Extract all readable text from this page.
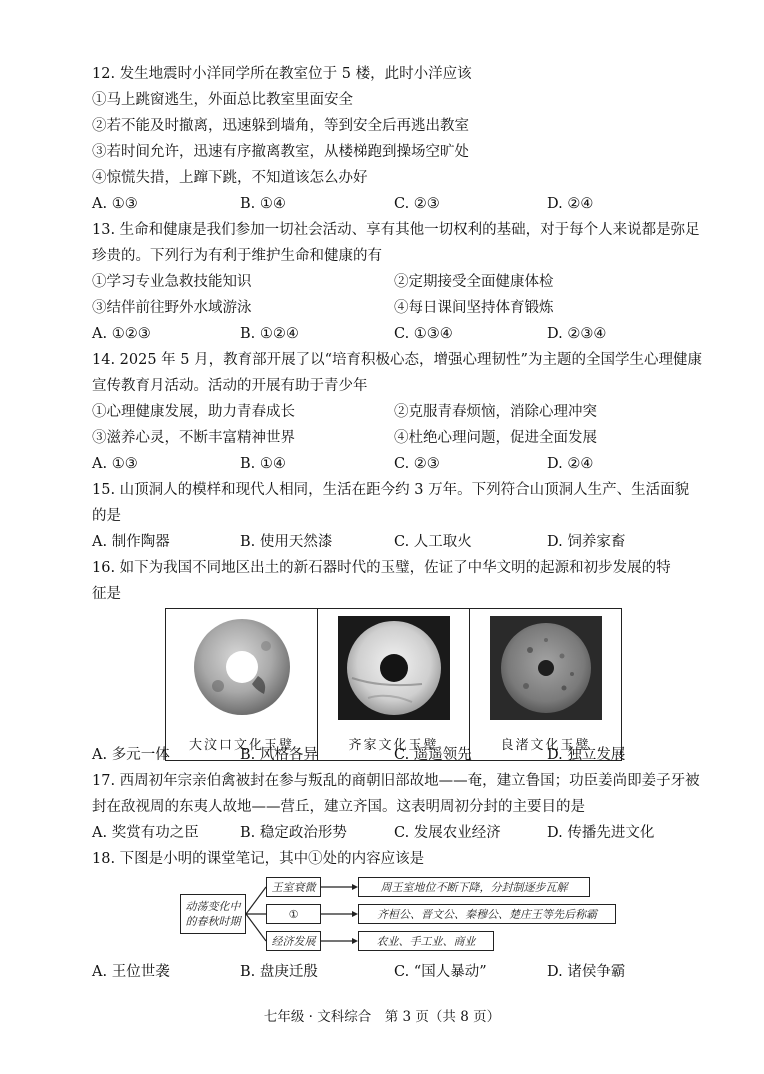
12. 发生地震时小洋同学所在教室位于 5 楼，此时小洋应该
①马上跳窗逃生，外面总比教室里面安全
②若不能及时撤离，迅速躲到墙角，等到安全后再逃出教室
③若时间允许，迅速有序撤离教室，从楼梯跑到操场空旷处
④惊慌失措，上蹿下跳，不知道该怎么办好
A. ①③	B. ①④	C. ②③	D. ②④
13. 生命和健康是我们参加一切社会活动、享有其他一切权利的基础，对于每个人来说都是弥足
珍贵的。下列行为有利于维护生命和健康的有
①学习专业急救技能知识	②定期接受全面健康体检
③结伴前往野外水域游泳	④每日课间坚持体育锻炼
A. ①②③	B. ①②④	C. ①③④	D. ②③④
14. 2025 年 5 月，教育部开展了以“培育积极心态，增强心理韧性”为主题的全国学生心理健康
宣传教育月活动。活动的开展有助于青少年
①心理健康发展，助力青春成长	②克服青春烦恼，消除心理冲突
③滋养心灵，不断丰富精神世界	④杜绝心理问题，促进全面发展
A. ①③	B. ①④	C. ②③	D. ②④
15. 山顶洞人的模样和现代人相同，生活在距今约 3 万年。下列符合山顶洞人生产、生活面貌
的是
A. 制作陶器	B. 使用天然漆	C. 人工取火	D. 饲养家畜
16. 如下为我国不同地区出土的新石器时代的玉璧，佐证了中华文明的起源和初步发展的特
征是
大汶口文化玉璧	齐家文化玉璧	良渚文化玉璧
A. 多元一体	B. 风格各异	C. 遥遥领先	D. 独立发展
17. 西周初年宗亲伯禽被封在参与叛乱的商朝旧部故地——奄，建立鲁国；功臣姜尚即姜子牙被
封在敌视周的东夷人故地——营丘，建立齐国。这表明周初分封的主要目的是
A. 奖赏有功之臣	B. 稳定政治形势	C. 发展农业经济	D. 传播先进文化
18. 下图是小明的课堂笔记，其中①处的内容应该是
动荡变化中的春秋时期
王室衰微
①
经济发展
周王室地位不断下降，分封制逐步瓦解
齐桓公、晋文公、秦穆公、楚庄王等先后称霸
农业、手工业、商业
A. 王位世袭	B. 盘庚迁殷	C. “国人暴动”	D. 诸侯争霸
七年级 · 文科综合　第 3 页（共 8 页）
